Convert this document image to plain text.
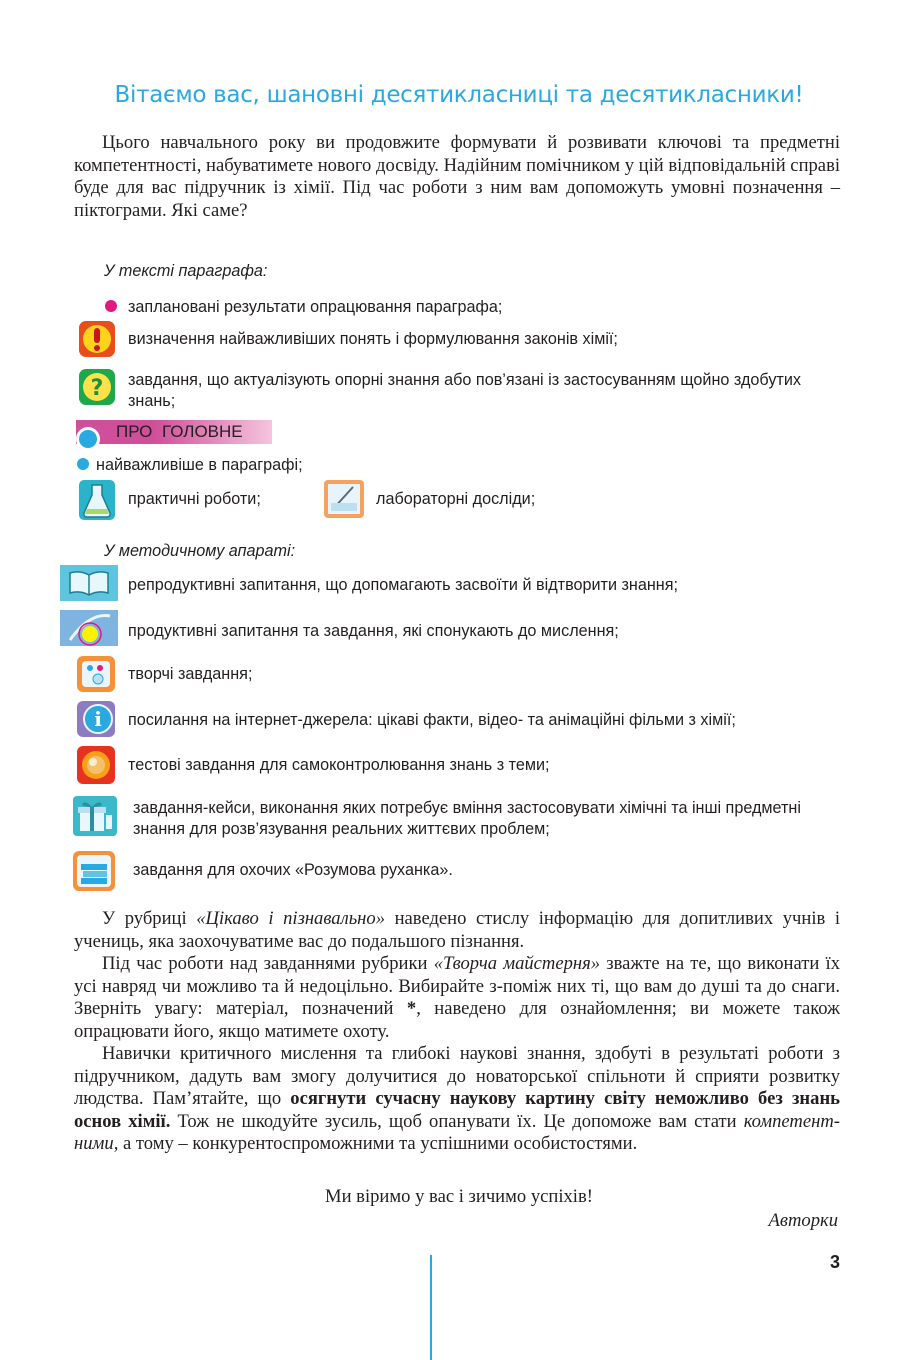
Вітаємо вас, шановні десятикласниці та десятикласники!

Цього навчального року ви продовжите формувати й розвивати ключові та предметні компетентності, набуватимете нового досвіду. Надійним помічником у цій відповідальній справі буде для вас підручник із хімії. Під час роботи з ним вам допоможуть умовні позначення – піктограми. Які саме?

У тексті параграфа:
заплановані результати опрацювання параграфа;
визначення найважливіших понять і формулювання законів хімії;
? завдання, що актуалізують опорні знання або пов’язані із застосуванням щойно здобутих знань;
ПРО ГОЛОВНЕ
найважливіше в параграфі;
практичні роботи;	лабораторні досліди;
У методичному апараті:
репродуктивні запитання, що допомагають засвоїти й відтворити знання;
продуктивні запитання та завдання, які спонукають до мислення;
творчі завдання;
i посилання на інтернет-джерела: цікаві факти, відео- та анімаційні фільми з хімії;
тестові завдання для самоконтролювання знань з теми;
завдання-кейси, виконання яких потребує вміння застосовувати хімічні та інші предметні знання для розв’язування реальних життєвих проблем;
завдання для охочих «Розумова руханка».

У рубриці «Цікаво і пізнавально» наведено стислу інформацію для допитливих учнів і учениць, яка заохочуватиме вас до подальшого пізнання.

Під час роботи над завданнями рубрики «Творча майстерня» зважте на те, що виконати їх усі навряд чи можливо та й недоцільно. Вибирайте з-поміж них ті, що вам до душі та до снаги. Зверніть увагу: матеріал, позначений *, наведено для ознайомлення; ви можете також опрацювати його, якщо матимете охоту.

Навички критичного мислення та глибокі наукові знання, здобуті в результаті роботи з підручником, дадуть вам змогу долучитися до новаторської спільноти й сприяти розвитку людства. Пам’ятайте, що осягнути сучасну наукову картину світу неможливо без знань основ хімії. Тож не шкодуйте зусиль, щоб опанувати їх. Це допоможе вам стати компетентними, а тому – конкурентоспроможними та успішними особистостями.

Ми віримо у вас і зичимо успіхів!
Авторки
3
